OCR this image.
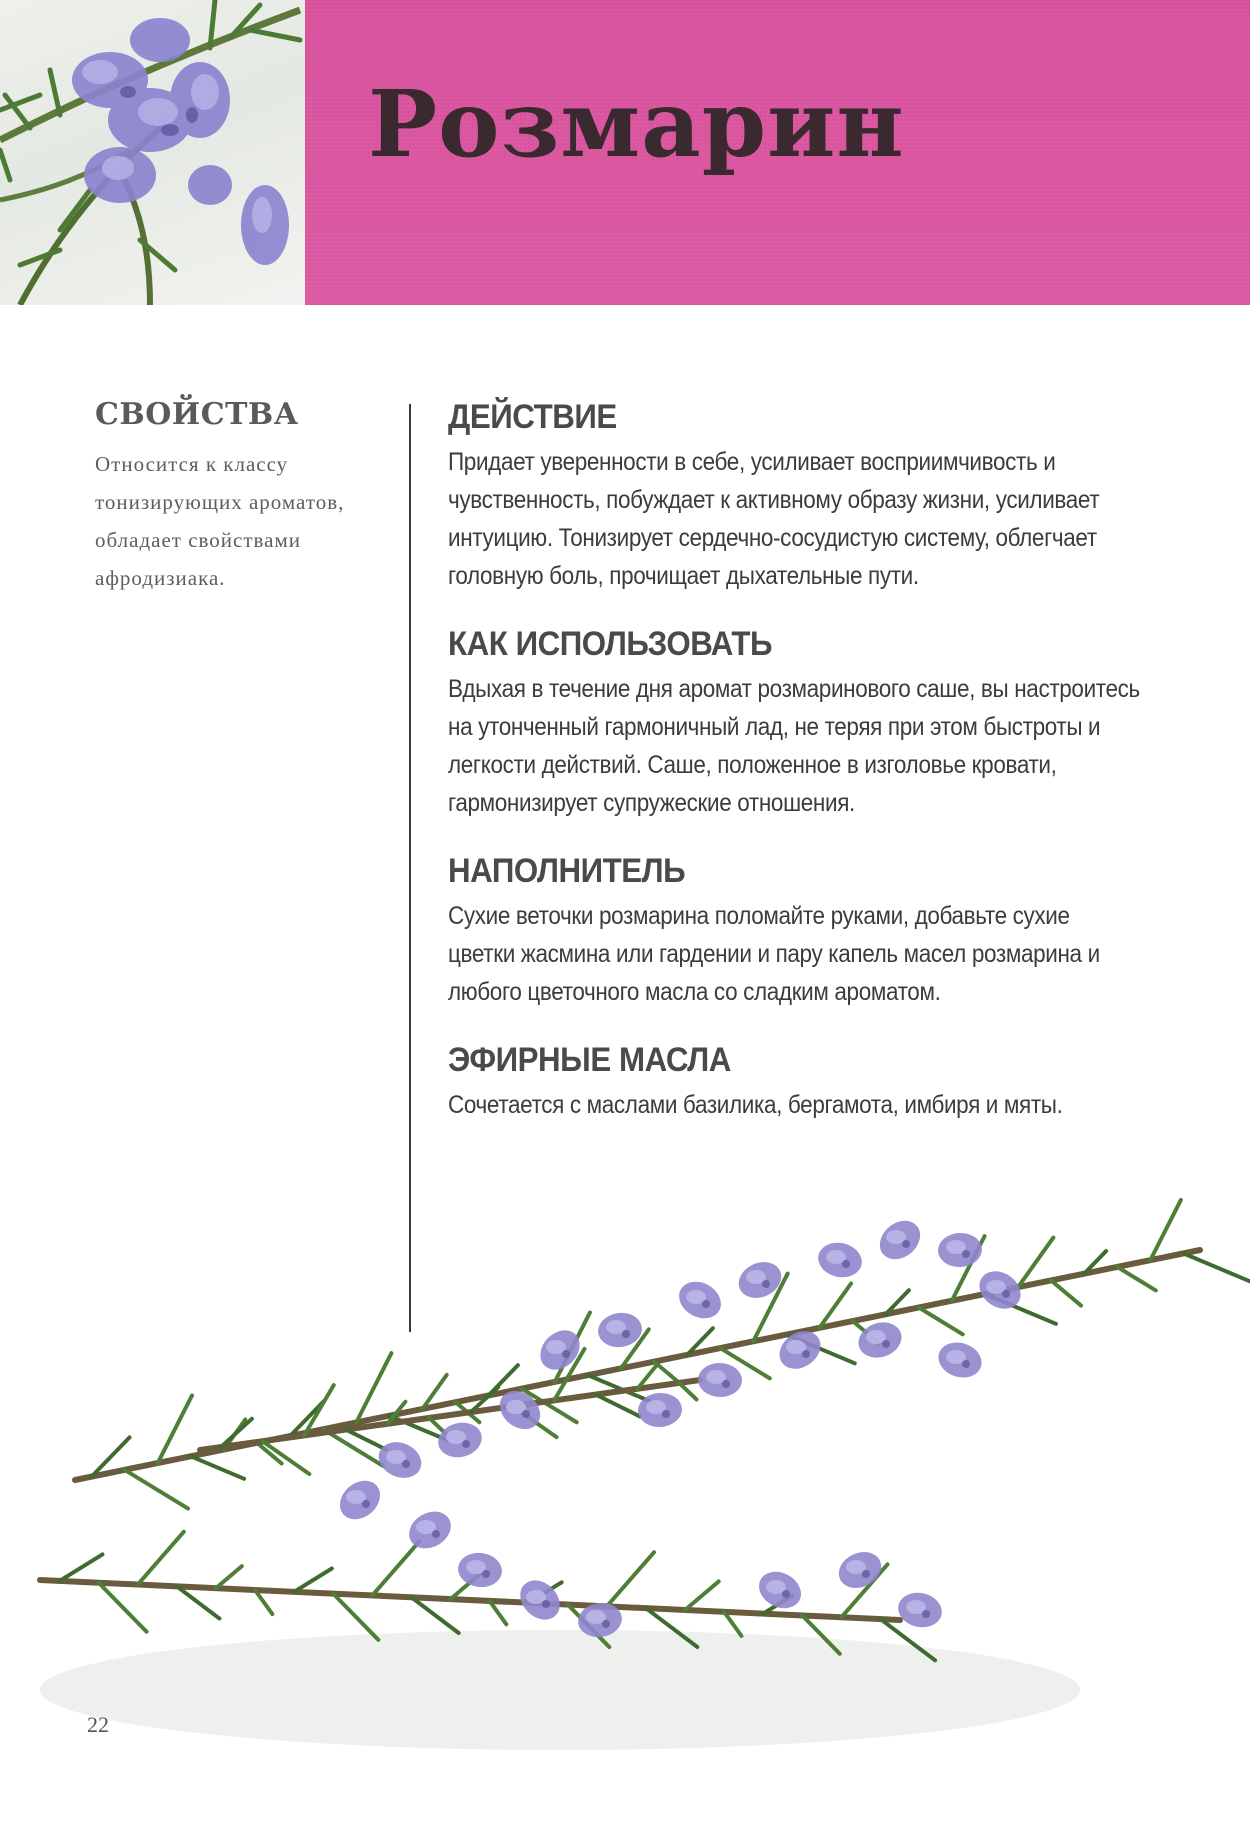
Розмарин
СВОЙСТВА

Относится к классу тонизирующих ароматов, обладает свойствами афродизиака.

ДЕЙСТВИЕ

Придает уверенности в себе, усиливает восприимчивость и чувственность, побуждает к активному образу жизни, усиливает интуицию. Тонизирует сердечно-сосудистую систему, облегчает головную боль, прочищает дыхательные пути.

КАК ИСПОЛЬЗОВАТЬ

Вдыхая в течение дня аромат розмаринового саше, вы настроитесь на утонченный гармоничный лад, не теряя при этом быстроты и легкости действий. Саше, положенное в изголовье кровати, гармонизирует супружеские отношения.

НАПОЛНИТЕЛЬ

Сухие веточки розмарина поломайте руками, добавьте сухие цветки жасмина или гардении и пару капель масел розмарина и любого цветочного масла со сладким ароматом.

ЭФИРНЫЕ МАСЛА

Сочетается с маслами базилика, бергамота, имбиря и мяты.

22
